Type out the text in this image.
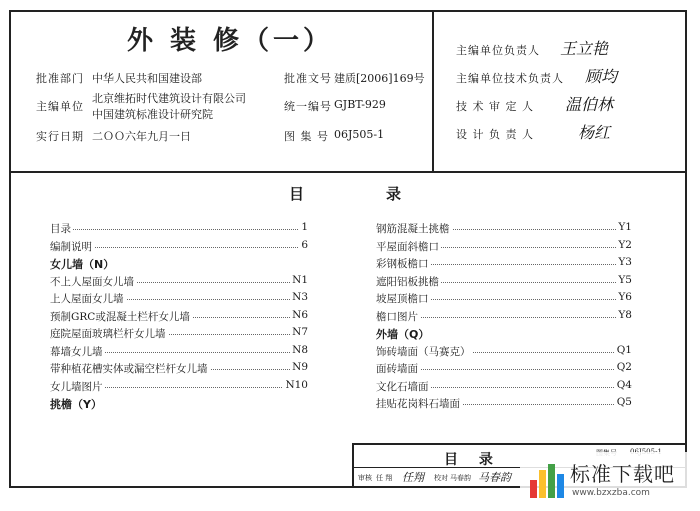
外 装 修（一）
批准部门 中华人民共和国建设部	批准文号 建质[2006]169号
主编单位
北京维拓时代建筑设计有限公司
中国建筑标准设计研究院
统一编号 GJBT-929
实行日期 二ＯＯ六年九月一日	图 集 号 06J505-1
主编单位负责人 王立艳
主编单位技术负责人 顾均
技 术 审 定 人 温伯林
设 计 负 责 人	杨红
目	录
目录	1
编制说明	6
女儿墙（N）
不上人屋面女儿墙	N1
上人屋面女儿墙	N3
预制GRC或混凝土栏杆女儿墙	N6
庭院屋面玻璃栏杆女儿墙	N7
幕墙女儿墙	N8
带种植花槽实体或漏空栏杆女儿墙	N9
女儿墙图片	N10
挑檐（Y）
钢筋混凝土挑檐	Y1
平屋面斜檐口	Y2
彩钢板檐口	Y3
遮阳铝板挑檐	Y5
坡屋顶檐口	Y6
檐口图片	Y8
外墙（Q）
饰砖墙面（马赛克）	Q1
面砖墙面	Q2
文化石墙面	Q4
挂贴花岗料石墙面	Q5
目 录
审核 任 翔 任翔 校对 马春韵 马春韵	标准下载吧
www.bzxzba.com
